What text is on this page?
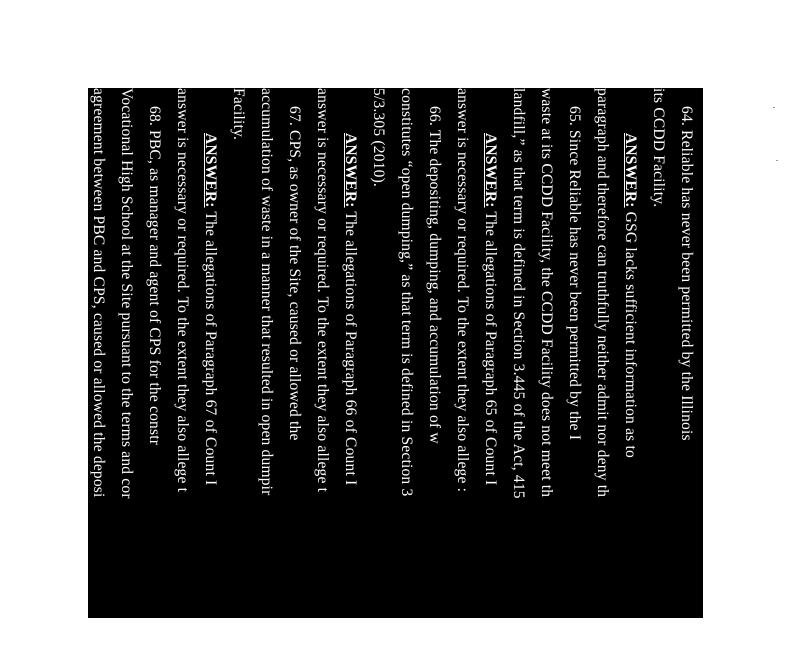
64. Reliable has never been permitted by the Illinois
its CCDD Facility.
ANSWER: GSG lacks sufficient information as to
paragraph and therefore can truthfully neither admit nor deny th
65. Since Reliable has never been permitted by the I
waste at its CCDD Facility, the CCDD Facility does not meet th
landfill,” as that term is defined in Section 3.445 of the Act, 415
ANSWER: The allegations of Paragraph 65 of Count I
answer is necessary or required. To the extent they also allege :
66. The depositing, dumping, and accumulation of w
constitutes “open dumping,” as that term is defined in Section 3
5/3.305 (2010).
ANSWER: The allegations of Paragraph 66 of Count I
answer is necessary or required. To the extent they also allege t
67. CPS, as owner of the Site, caused or allowed the
accumulation of waste in a manner that resulted in open dumpir
Facility.
ANSWER: The allegations of Paragraph 67 of Count I
answer is necessary or required. To the extent they also allege t
68. PBC, as manager and agent of CPS for the constr
Vocational High School at the Site pursuant to the terms and cor
agreement between PBC and CPS, caused or allowed the deposi
of waste in a manner that resulted in open dumping of waste at t
